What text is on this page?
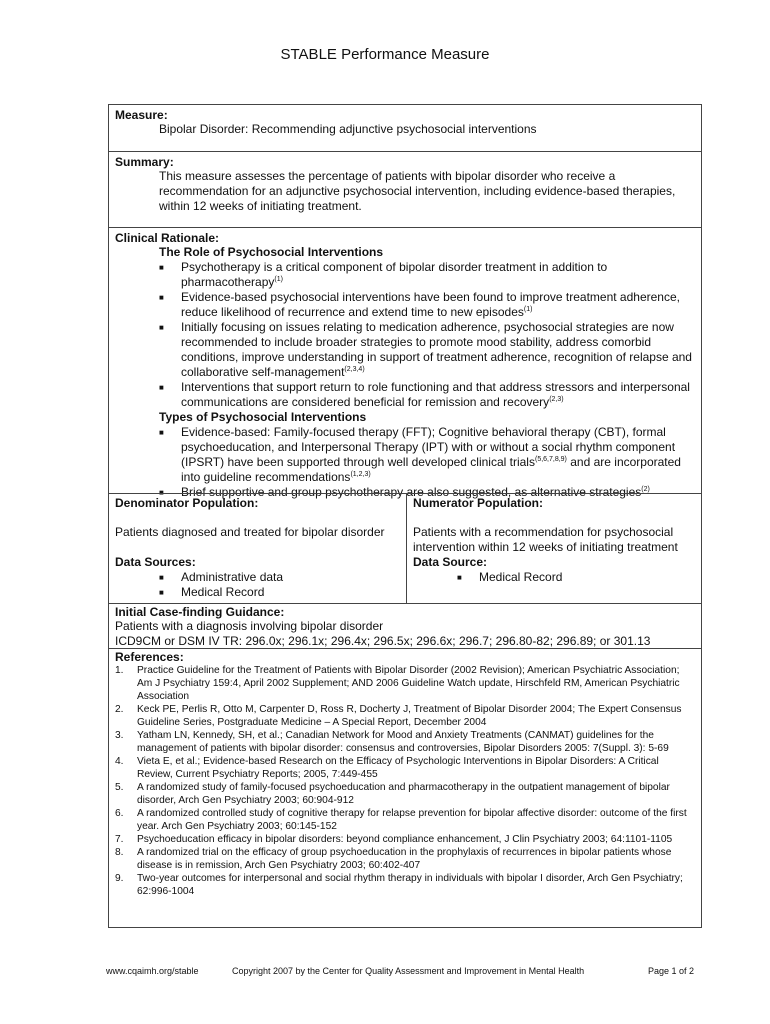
STABLE Performance Measure
Measure:
Bipolar Disorder: Recommending adjunctive psychosocial interventions
Summary:
This measure assesses the percentage of patients with bipolar disorder who receive a recommendation for an adjunctive psychosocial intervention, including evidence-based therapies, within 12 weeks of initiating treatment.
Clinical Rationale:
The Role of Psychosocial Interventions
■ Psychotherapy is a critical component of bipolar disorder treatment in addition to pharmacotherapy$^{(1)}$
■ Evidence-based psychosocial interventions have been found to improve treatment adherence, reduce likelihood of recurrence and extend time to new episodes$^{(1)}$
■ Initially focusing on issues relating to medication adherence, psychosocial strategies are now recommended to include broader strategies to promote mood stability, address comorbid conditions, improve understanding in support of treatment adherence, recognition of relapse and collaborative self-management$^{(2,3,4)}$
■ Interventions that support return to role functioning and that address stressors and interpersonal communications are considered beneficial for remission and recovery$^{(2,3)}$
Types of Psychosocial Interventions
■ Evidence-based: Family-focused therapy (FFT); Cognitive behavioral therapy (CBT), formal psychoeducation, and Interpersonal Therapy (IPT) with or without a social rhythm component (IPSRT) have been supported through well developed clinical trials$^{(5,6,7,8,9)}$ and are incorporated into guideline recommendations$^{(1,2,3)}$
■ Brief supportive and group psychotherapy are also suggested, as alternative strategies$^{(2)}$
Denominator Population:
Patients diagnosed and treated for bipolar disorder
Data Sources:
■ Administrative data
■ Medical Record
Numerator Population:
Patients with a recommendation for psychosocial intervention within 12 weeks of initiating treatment
Data Source:
■ Medical Record
Initial Case-finding Guidance:
Patients with a diagnosis involving bipolar disorder
ICD9CM or DSM IV TR: 296.0x; 296.1x; 296.4x; 296.5x; 296.6x; 296.7; 296.80-82; 296.89; or 301.13
References:
1. Practice Guideline for the Treatment of Patients with Bipolar Disorder (2002 Revision); American Psychiatric Association; Am J Psychiatry 159:4, April 2002 Supplement; AND 2006 Guideline Watch update, Hirschfeld RM, American Psychiatric Association
2. Keck PE, Perlis R, Otto M, Carpenter D, Ross R, Docherty J, Treatment of Bipolar Disorder 2004; The Expert Consensus Guideline Series, Postgraduate Medicine – A Special Report, December 2004
3. Yatham LN, Kennedy, SH, et al.; Canadian Network for Mood and Anxiety Treatments (CANMAT) guidelines for the management of patients with bipolar disorder: consensus and controversies, Bipolar Disorders 2005: 7(Suppl. 3): 5-69
4. Vieta E, et al.; Evidence-based Research on the Efficacy of Psychologic Interventions in Bipolar Disorders: A Critical Review, Current Psychiatry Reports; 2005, 7:449-455
5. A randomized study of family-focused psychoeducation and pharmacotherapy in the outpatient management of bipolar disorder, Arch Gen Psychiatry 2003; 60:904-912
6. A randomized controlled study of cognitive therapy for relapse prevention for bipolar affective disorder: outcome of the first year. Arch Gen Psychiatry 2003; 60:145-152
7. Psychoeducation efficacy in bipolar disorders: beyond compliance enhancement, J Clin Psychiatry 2003; 64:1101-1105
8. A randomized trial on the efficacy of group psychoeducation in the prophylaxis of recurrences in bipolar patients whose disease is in remission, Arch Gen Psychiatry 2003; 60:402-407
9. Two-year outcomes for interpersonal and social rhythm therapy in individuals with bipolar I disorder, Arch Gen Psychiatry; 62:996-1004
www.cqaimh.org/stable	Copyright 2007 by the Center for Quality Assessment and Improvement in Mental Health	Page 1 of 2
